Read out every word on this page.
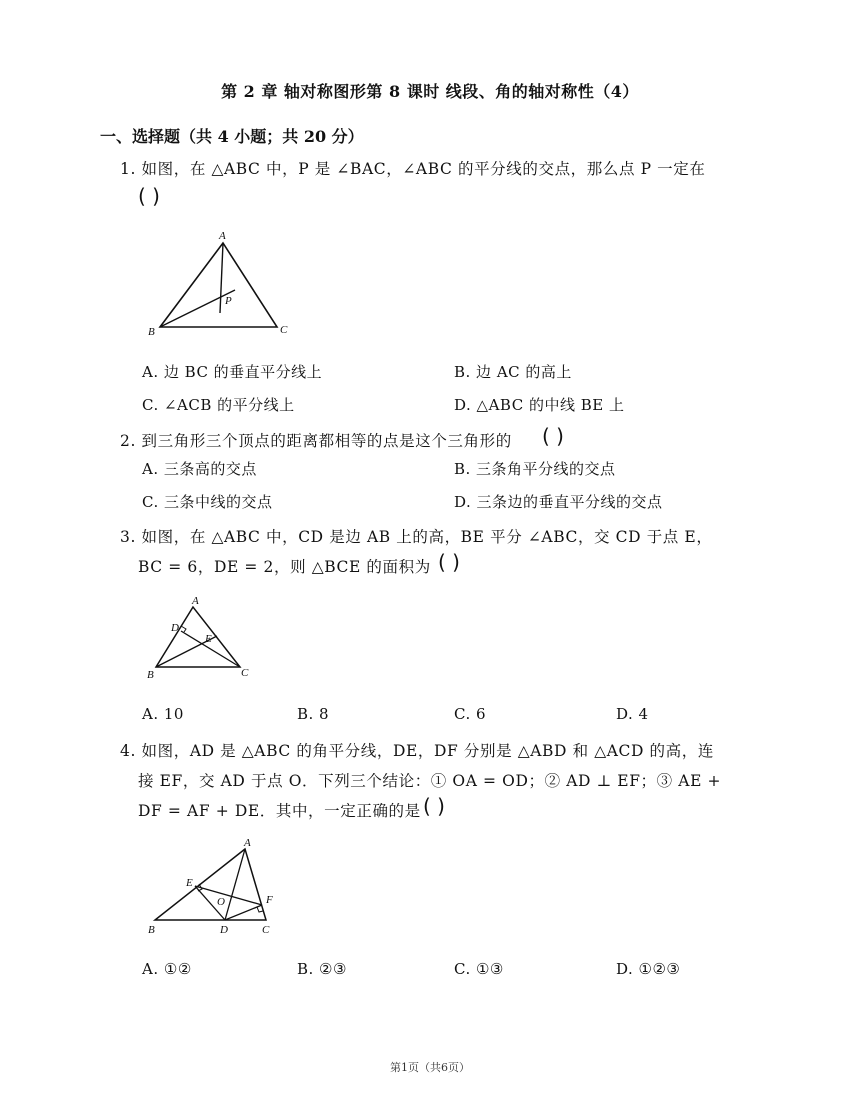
第 2 章 轴对称图形第 8 课时 线段、角的轴对称性（4）
一、选择题（共 4 小题；共 20 分）
1. 如图，在 △ABC 中，P 是 ∠BAC，∠ABC 的平分线的交点，那么点 P 一定在
( )
A
B	C
P
A. 边 BC 的垂直平分线上	B. 边 AC 的高上
C. ∠ACB 的平分线上	D. △ABC 的中线 BE 上
2. 到三角形三个顶点的距离都相等的点是这个三角形的 ( )
A. 三条高的交点	B. 三条角平分线的交点
C. 三条中线的交点	D. 三条边的垂直平分线的交点
3. 如图，在 △ABC 中，CD 是边 AB 上的高，BE 平分 ∠ABC，交 CD 于点 E，
BC = 6，DE = 2，则 △BCE 的面积为 ( )
A
B	C
D
E
A. 10	B. 8	C. 6	D. 4
4. 如图，AD 是 △ABC 的角平分线，DE，DF 分别是 △ABD 和 △ACD 的高，连
接 EF，交 AD 于点 O．下列三个结论：① OA = OD；② AD ⊥ EF；③ AE +
DF = AF + DE．其中，一定正确的是 ( )
A
B	C
D
E
F
O
A. ①②	B. ②③	C. ①③	D. ①②③
第1页（共6页）
